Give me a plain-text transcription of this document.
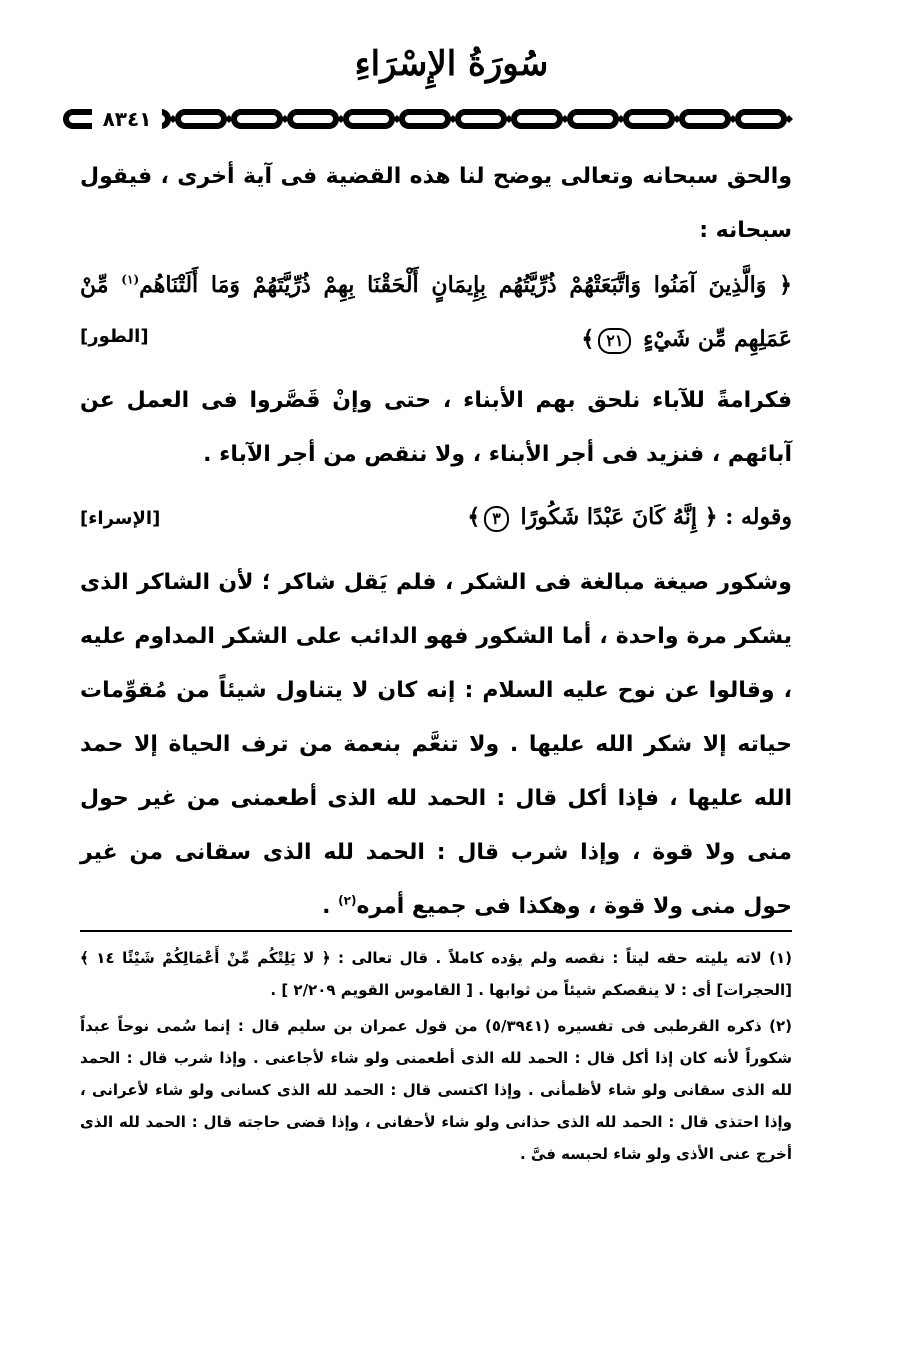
سُورَةُ الإِسْرَاءِ
٨٣٤١

والحق سبحانه وتعالى يوضح لنا هذه القضية فى آية أخرى ، فيقول سبحانه :

﴿ وَالَّذِينَ آمَنُوا وَاتَّبَعَتْهُمْ ذُرِّيَّتُهُم بِإِيمَانٍ أَلْحَقْنَا بِهِمْ ذُرِّيَّتَهُمْ وَمَا أَلَتْنَاهُم$^{(١)}$ مِّنْ عَمَلِهِم مِّن شَيْءٍ ٢١﴾

[الطور]

فكرامةً للآباء نلحق بهم الأبناء ، حتى وإنْ قَصَّروا فى العمل عن آبائهم ، فنزيد فى أجر الأبناء ، ولا ننقص من أجر الآباء .

وقوله : ﴿ إِنَّهُ كَانَ عَبْدًا شَكُورًا ٣﴾

[الإسراء]

وشكور صيغة مبالغة فى الشكر ، فلم يَقل شاكر ؛ لأن الشاكر الذى يشكر مرة واحدة ، أما الشكور فهو الدائب على الشكر المداوم عليه ، وقالوا عن نوح عليه السلام : إنه كان لا يتناول شيئاً من مُقوِّمات حياته إلا شكر الله عليها . ولا تنعَّم بنعمة من ترف الحياة إلا حمد الله عليها ، فإذا أكل قال : الحمد لله الذى أطعمنى من غير حول منى ولا قوة ، وإذا شرب قال : الحمد لله الذى سقانى من غير حول منى ولا قوة ، وهكذا فى جميع أمره$^{(٢)}$ .

(١) لاته يليته حقه ليتاً : نقصه ولم يؤده كاملاً . قال تعالى : ﴿ لا يَلِتْكُم مِّنْ أَعْمَالِكُمْ شَيْئًا ١٤ ﴾ [الحجرات] أى : لا ينقصكم شيئاً من ثوابها . [ القاموس القويم ٢/٢٠٩ ] .

(٢) ذكره القرطبى فى تفسيره (٥/٣٩٤١) من قول عمران بن سليم قال : إنما سُمى نوحاً عبداً شكوراً لأنه كان إذا أكل قال : الحمد لله الذى أطعمنى ولو شاء لأجاعنى . وإذا شرب قال : الحمد لله الذى سقانى ولو شاء لأظمأنى . وإذا اكتسى قال : الحمد لله الذى كسانى ولو شاء لأعرانى ، وإذا احتذى قال : الحمد لله الذى حذانى ولو شاء لأحفانى ، وإذا قضى حاجته قال : الحمد لله الذى أخرج عنى الأذى ولو شاء لحبسه فىَّ .
